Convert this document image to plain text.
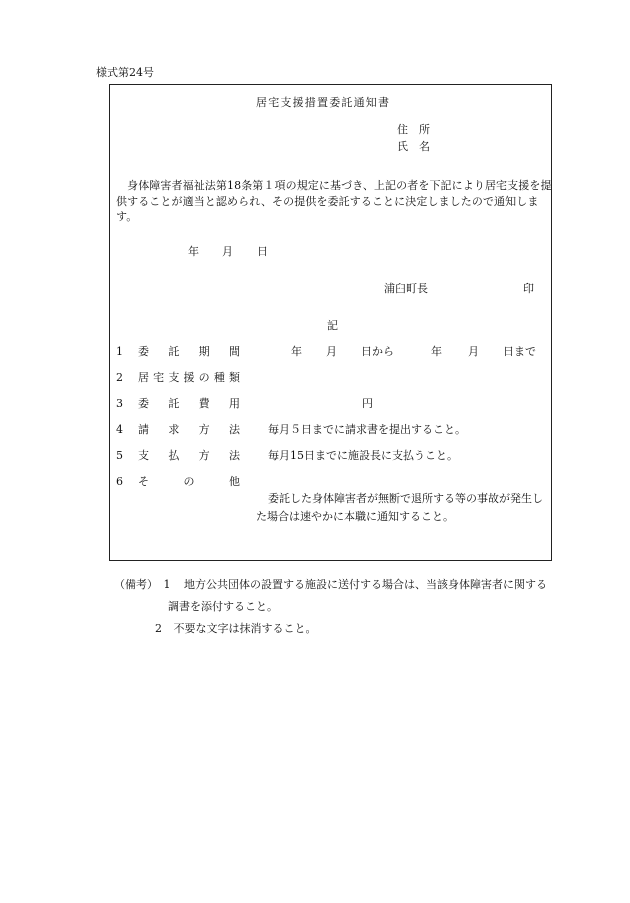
様式第24号
居宅支援措置委託通知書
住　所
氏　名
　身体障害者福祉法第18条第１項の規定に基づき、上記の者を下記により居宅支援を提供することが適当と認められ、その提供を委託することに決定しましたので通知します。
年 月 日
浦臼町長	印
記
1 委託期間	年 月 日から	年 月 日まで
2 居宅支援の種類
3 委託費用	円
4 請求方法	毎月５日までに請求書を提出すること。
5 支払方法	毎月15日までに施設長に支払うこと。
6 その他
委託した身体障害者が無断で退所する等の事故が発生した場合は速やかに本職に通知すること。
（備考） 1 地方公共団体の設置する施設に送付する場合は、当該身体障害者に関する
調書を添付すること。
2 不要な文字は抹消すること。
